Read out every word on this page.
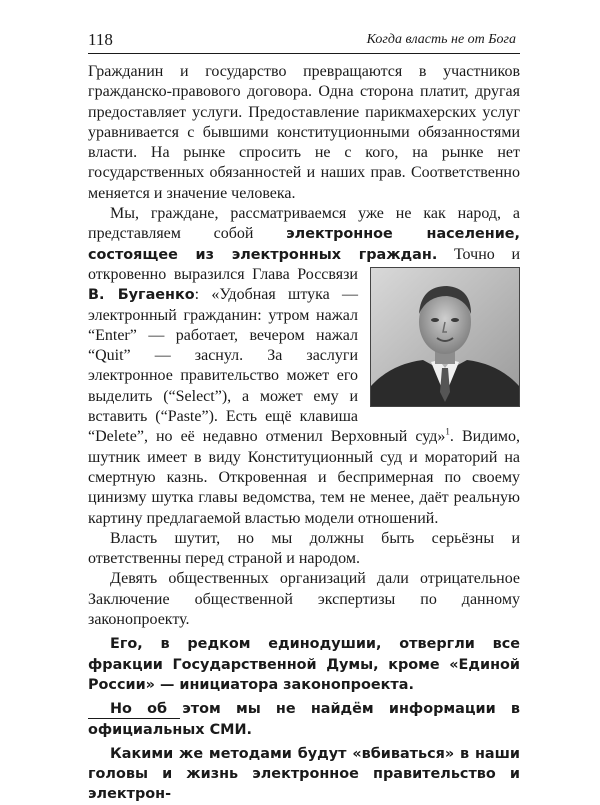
118	Когда власть не от Бога

Гражданин и государство превращаются в участников гражданско-правового договора. Одна сторона платит, другая предоставляет услуги. Предоставление парикмахерских услуг уравнивается с бывшими конституционными обязанностями власти. На рынке спросить не с кого, на рынке нет государственных обязанностей и наших прав. Соответственно меняется и значение человека.

Мы, граждане, рассматриваемся уже не как народ, а представляем собой электронное население, состоящее из электронных граждан. Точно и откровенно выразился Глава Россвязи
В. Бугаенко: «Удобная штука — электронный гражданин: утром нажал “Enter” — работает, вечером нажал “Quit” — заснул. За заслуги электронное правительство может его выделить (“Select”), а может ему и вставить (“Paste”). Есть ещё клавиша “Delete”, но её недавно отменил Верховный суд»$^1$. Видимо, шутник имеет в виду Конституционный суд и мораторий на смертную казнь. Откровенная и беспримерная по своему цинизму шутка главы ведомства, тем не менее, даёт реальную картину предлагаемой властью модели отношений.

Власть шутит, но мы должны быть серьёзны и ответственны перед страной и народом.

Девять общественных организаций дали отрицательное Заключение общественной экспертизы по данному законопроекту.

Его, в редком единодушии, отвергли все фракции Государственной Думы, кроме «Единой России» — инициатора законопроекта.

Но об этом мы не найдём информации в официальных СМИ.

Какими же методами будут «вбиваться» в наши головы и жизнь электронное правительство и электрон-
